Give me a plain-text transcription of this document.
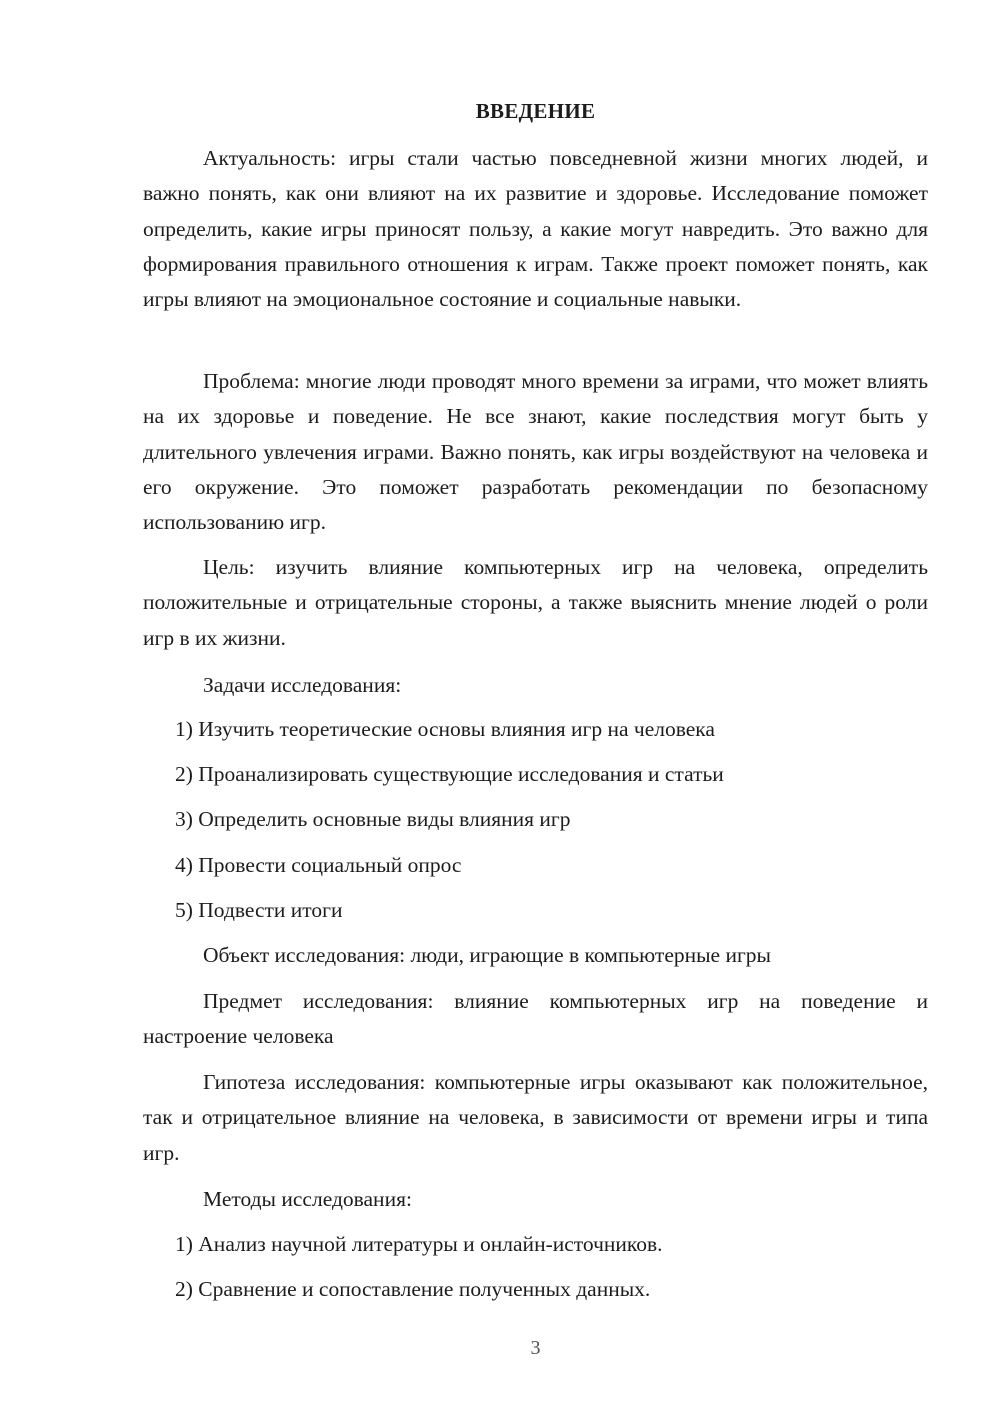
ВВЕДЕНИЕ

Актуальность: игры стали частью повседневной жизни многих людей, и важно понять, как они влияют на их развитие и здоровье. Исследование поможет определить, какие игры приносят пользу, а какие могут навредить. Это важно для формирования правильного отношения к играм. Также проект поможет понять, как игры влияют на эмоциональное состояние и социальные навыки.

Проблема: многие люди проводят много времени за играми, что может влиять на их здоровье и поведение. Не все знают, какие последствия могут быть у длительного увлечения играми. Важно понять, как игры воздействуют на человека и его окружение. Это поможет разработать рекомендации по безопасному использованию игр.

Цель: изучить влияние компьютерных игр на человека, определить положительные и отрицательные стороны, а также выяснить мнение людей о роли игр в их жизни.

Задачи исследования:

1) Изучить теоретические основы влияния игр на человека

2) Проанализировать существующие исследования и статьи

3) Определить основные виды влияния игр

4) Провести социальный опрос

5) Подвести итоги

Объект исследования: люди, играющие в компьютерные игры

Предмет исследования: влияние компьютерных игр на поведение и настроение человека

Гипотеза исследования: компьютерные игры оказывают как положительное, так и отрицательное влияние на человека, в зависимости от времени игры и типа игр.

Методы исследования:

1) Анализ научной литературы и онлайн-источников.

2) Сравнение и сопоставление полученных данных.

3
